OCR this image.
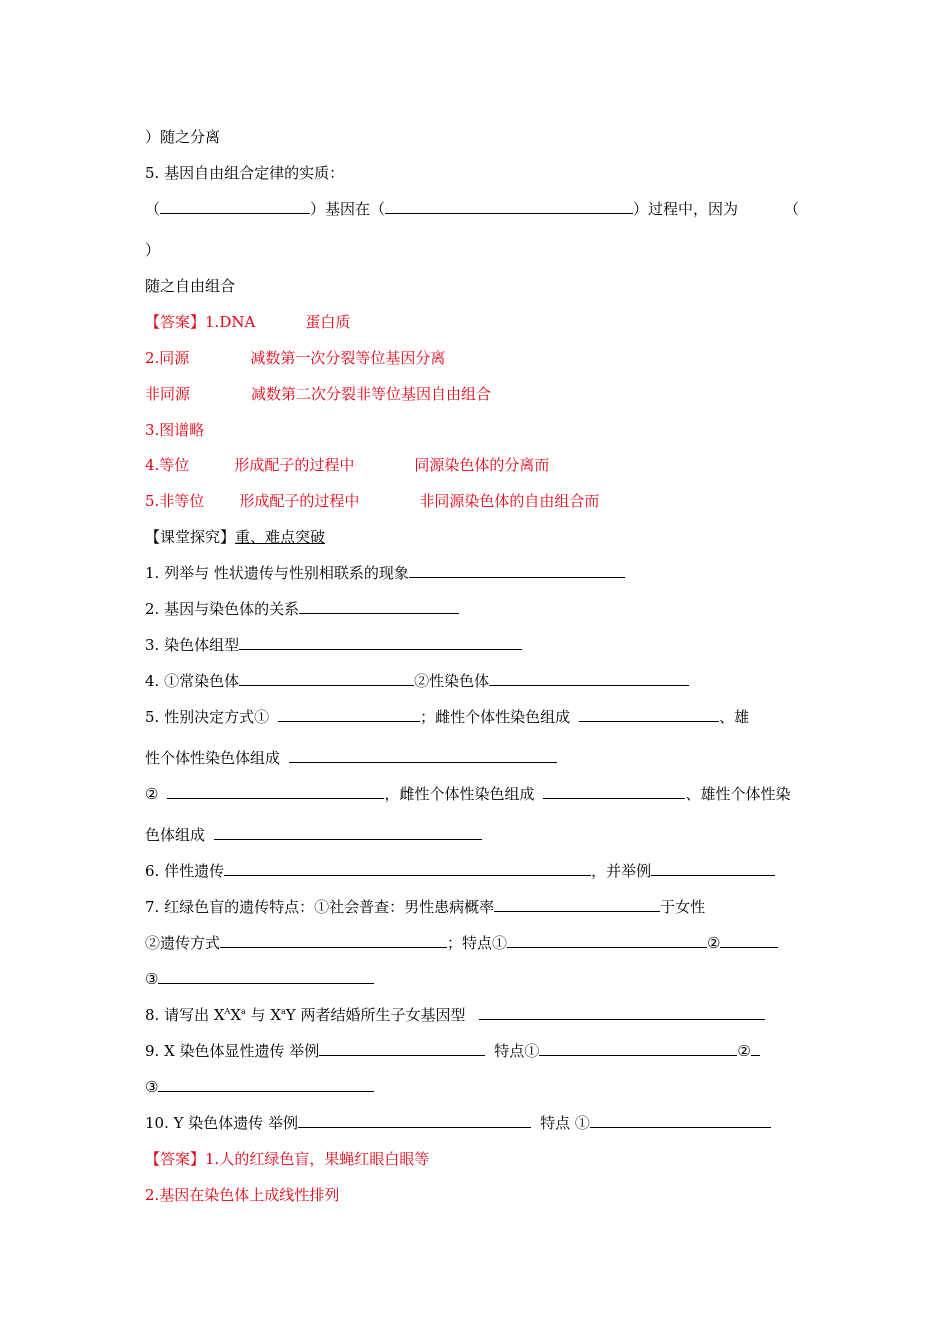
）随之分离
5. 基因自由组合定律的实质：
（	）基因在（	）过程中，因为	（
）
随之自由组合
【答案】1.DNA	蛋白质
2.同源	减数第一次分裂等位基因分离
非同源	减数第二次分裂非等位基因自由组合
3.图谱略
4.等位	形成配子的过程中	同源染色体的分离而
5.非等位 形成配子的过程中	非同源染色体的自由组合而
【课堂探究】重、难点突破
1. 列举与 性状遗传与性别相联系的现象
2. 基因与染色体的关系
3. 染色体组型
4. ①常染色体	②性染色体
5. 性别决定方式①	；雌性个体性染色组成	、雄
性个体性染色体组成
②	，雌性个体性染色组成	、雄性个体性染
色体组成
6. 伴性遗传	，并举例
7. 红绿色盲的遗传特点：①社会普查：男性患病概率	于女性
②遗传方式	；特点①	②
③
8. 请写出 $X^AX^a$ 与 $X^aY$ 两者结婚所生子女基因型
9. X 染色体显性遗传 举例	特点①	②
③
10. Y 染色体遗传 举例	特点 ①
【答案】1.人的红绿色盲，果蝇红眼白眼等
2.基因在染色体上成线性排列
